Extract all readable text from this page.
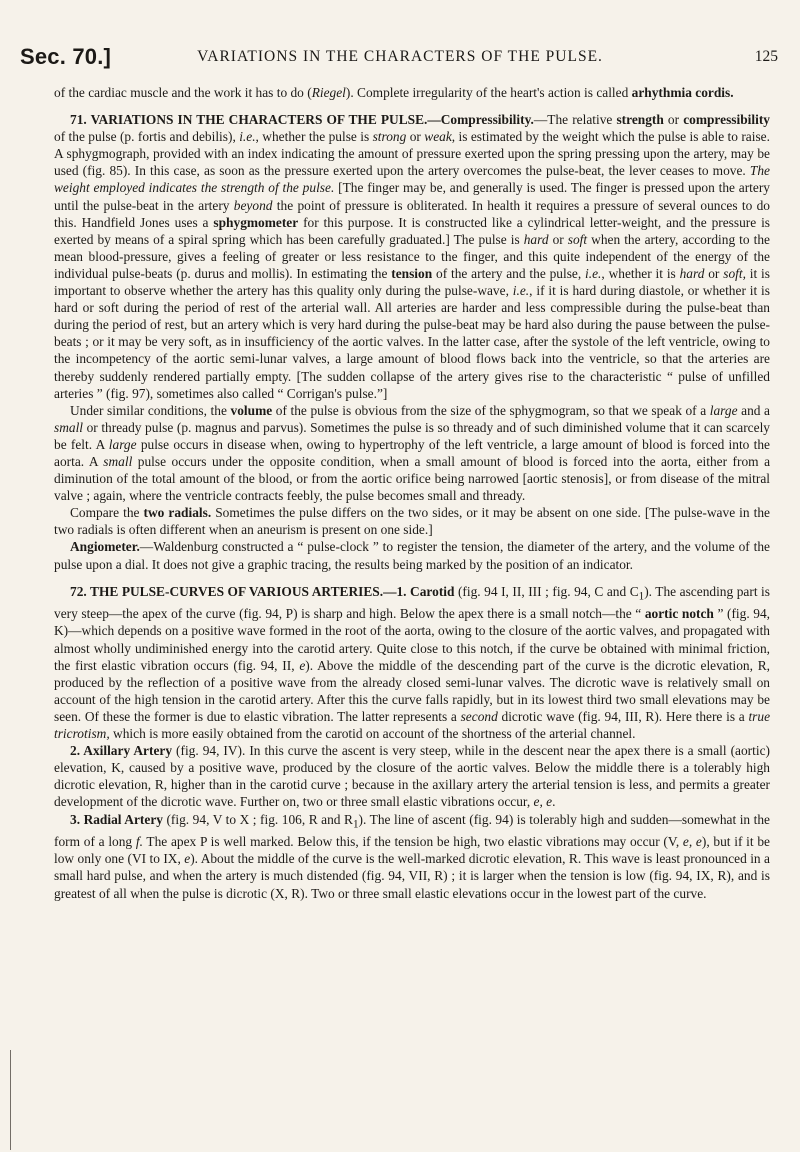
Sec. 70.]	VARIATIONS IN THE CHARACTERS OF THE PULSE.	125

of the cardiac muscle and the work it has to do (Riegel). Complete irregularity of the heart's action is called arhythmia cordis.

71. VARIATIONS IN THE CHARACTERS OF THE PULSE.—Compressibility.—The relative strength or compressibility of the pulse (p. fortis and debilis), i.e., whether the pulse is strong or weak, is estimated by the weight which the pulse is able to raise. A sphygmograph, provided with an index indicating the amount of pressure exerted upon the spring pressing upon the artery, may be used (fig. 85). In this case, as soon as the pressure exerted upon the artery overcomes the pulse-beat, the lever ceases to move. The weight employed indicates the strength of the pulse. [The finger may be, and generally is used. The finger is pressed upon the artery until the pulse-beat in the artery beyond the point of pressure is obliterated. In health it requires a pressure of several ounces to do this. Handfield Jones uses a sphygmometer for this purpose. It is constructed like a cylindrical letter-weight, and the pressure is exerted by means of a spiral spring which has been carefully graduated.] The pulse is hard or soft when the artery, according to the mean blood-pressure, gives a feeling of greater or less resistance to the finger, and this quite independent of the energy of the individual pulse-beats (p. durus and mollis). In estimating the tension of the artery and the pulse, i.e., whether it is hard or soft, it is important to observe whether the artery has this quality only during the pulse-wave, i.e., if it is hard during diastole, or whether it is hard or soft during the period of rest of the arterial wall. All arteries are harder and less compressible during the pulse-beat than during the period of rest, but an artery which is very hard during the pulse-beat may be hard also during the pause between the pulse-beats ; or it may be very soft, as in insufficiency of the aortic valves. In the latter case, after the systole of the left ventricle, owing to the incompetency of the aortic semi-lunar valves, a large amount of blood flows back into the ventricle, so that the arteries are thereby suddenly rendered partially empty. [The sudden collapse of the artery gives rise to the characteristic “ pulse of unfilled arteries ” (fig. 97), sometimes also called “ Corrigan's pulse.”]

Under similar conditions, the volume of the pulse is obvious from the size of the sphygmogram, so that we speak of a large and a small or thready pulse (p. magnus and parvus). Sometimes the pulse is so thready and of such diminished volume that it can scarcely be felt. A large pulse occurs in disease when, owing to hypertrophy of the left ventricle, a large amount of blood is forced into the aorta. A small pulse occurs under the opposite condition, when a small amount of blood is forced into the aorta, either from a diminution of the total amount of the blood, or from the aortic orifice being narrowed [aortic stenosis], or from disease of the mitral valve ; again, where the ventricle contracts feebly, the pulse becomes small and thready.

Compare the two radials. Sometimes the pulse differs on the two sides, or it may be absent on one side. [The pulse-wave in the two radials is often different when an aneurism is present on one side.]

Angiometer.—Waldenburg constructed a “ pulse-clock ” to register the tension, the diameter of the artery, and the volume of the pulse upon a dial. It does not give a graphic tracing, the results being marked by the position of an indicator.

72. THE PULSE-CURVES OF VARIOUS ARTERIES.—1. Carotid (fig. 94 I, II, III ; fig. 94, C and $C_1$). The ascending part is very steep—the apex of the curve (fig. 94, P) is sharp and high. Below the apex there is a small notch—the “ aortic notch ” (fig. 94, K)—which depends on a positive wave formed in the root of the aorta, owing to the closure of the aortic valves, and propagated with almost wholly undiminished energy into the carotid artery. Quite close to this notch, if the curve be obtained with minimal friction, the first elastic vibration occurs (fig. 94, II, e). Above the middle of the descending part of the curve is the dicrotic elevation, R, produced by the reflection of a positive wave from the already closed semi-lunar valves. The dicrotic wave is relatively small on account of the high tension in the carotid artery. After this the curve falls rapidly, but in its lowest third two small elevations may be seen. Of these the former is due to elastic vibration. The latter represents a second dicrotic wave (fig. 94, III, R). Here there is a true tricrotism, which is more easily obtained from the carotid on account of the shortness of the arterial channel.

2. Axillary Artery (fig. 94, IV). In this curve the ascent is very steep, while in the descent near the apex there is a small (aortic) elevation, K, caused by a positive wave, produced by the closure of the aortic valves. Below the middle there is a tolerably high dicrotic elevation, R, higher than in the carotid curve ; because in the axillary artery the arterial tension is less, and permits a greater development of the dicrotic wave. Further on, two or three small elastic vibrations occur, e, e.

3. Radial Artery (fig. 94, V to X ; fig. 106, R and $R_1$). The line of ascent (fig. 94) is tolerably high and sudden—somewhat in the form of a long f. The apex P is well marked. Below this, if the tension be high, two elastic vibrations may occur (V, e, e), but if it be low only one (VI to IX, e). About the middle of the curve is the well-marked dicrotic elevation, R. This wave is least pronounced in a small hard pulse, and when the artery is much distended (fig. 94, VII, R) ; it is larger when the tension is low (fig. 94, IX, R), and is greatest of all when the pulse is dicrotic (X, R). Two or three small elastic elevations occur in the lowest part of the curve.
